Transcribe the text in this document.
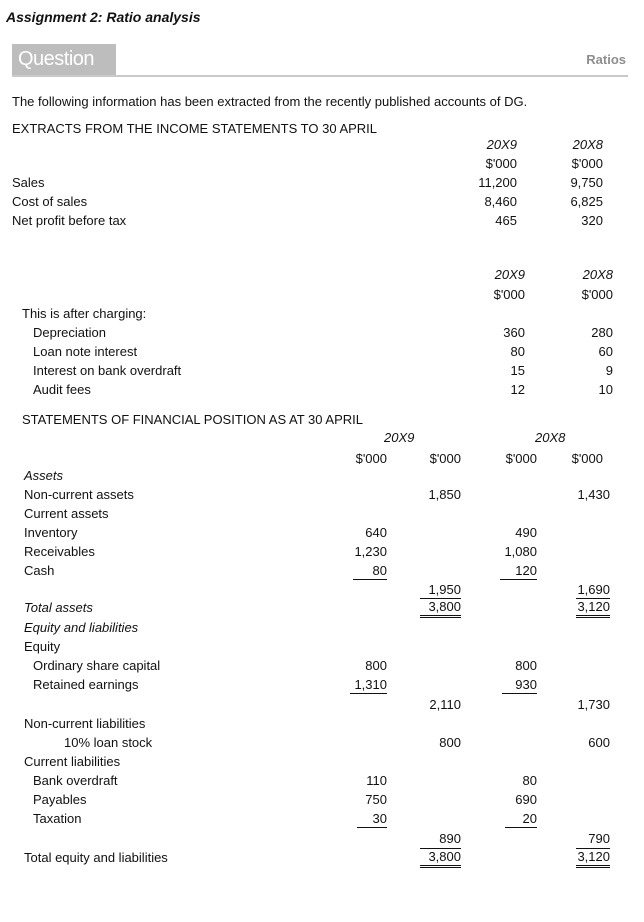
Assignment 2: Ratio analysis
Question	Ratios
The following information has been extracted from the recently published accounts of DG.
EXTRACTS FROM THE INCOME STATEMENTS TO 30 APRIL
20X9	20X8
$'000	$'000
Sales	11,200	9,750
Cost of sales	8,460	6,825
Net profit before tax	465	320
20X9	20X8
$'000	$'000
This is after charging:
Depreciation	360	280
Loan note interest	80	60
Interest on bank overdraft	15	9
Audit fees	12	10
STATEMENTS OF FINANCIAL POSITION AS AT 30 APRIL
20X9	20X8
$'000	$'000	$'000	$'000
Assets
Non-current assets	1,850	1,430
Current assets
Inventory	640	490
Receivables	1,230	1,080
Cash	80	120
1,950	1,690
Total assets	3,800	3,120
Equity and liabilities
Equity
Ordinary share capital	800	800
Retained earnings	1,310	930
2,110	1,730
Non-current liabilities
10% loan stock	800	600
Current liabilities
Bank overdraft	110	80
Payables	750	690
Taxation	30	20
890	790
Total equity and liabilities	3,800	3,120
